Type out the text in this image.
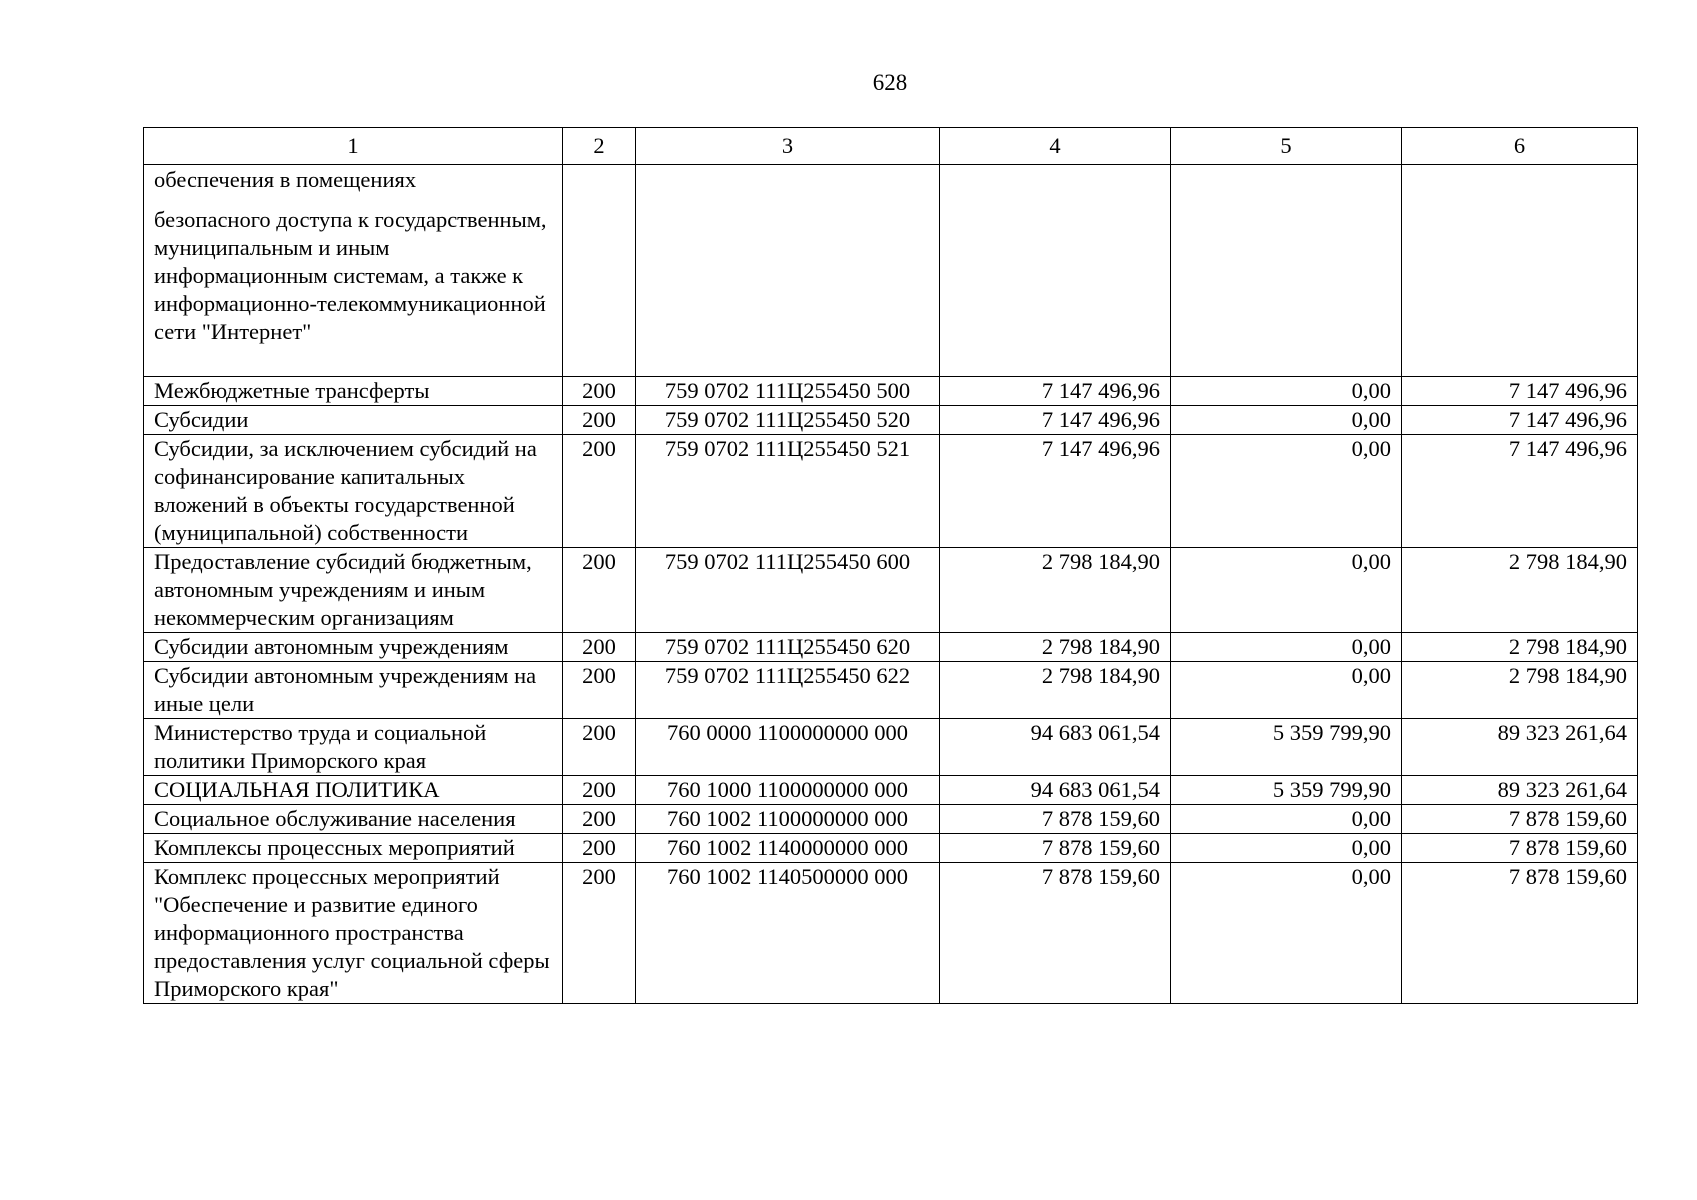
628
1	2	3	4	5	6

обеспечения в помещениях
безопасного доступа к государственным, муниципальным и иным информационным системам, а также к информационно-телекоммуникационной сети "Интернет"					

Межбюджетные трансферты	200	759 0702 111Ц255450 500	7 147 496,96	0,00	7 147 496,96
Субсидии	200	759 0702 111Ц255450 520	7 147 496,96	0,00	7 147 496,96
Субсидии, за исключением субсидий на софинансирование капитальных вложений в объекты государственной (муниципальной) собственности	200	759 0702 111Ц255450 521	7 147 496,96	0,00	7 147 496,96
Предоставление субсидий бюджетным, автономным учреждениям и иным некоммерческим организациям	200	759 0702 111Ц255450 600	2 798 184,90	0,00	2 798 184,90
Субсидии автономным учреждениям	200	759 0702 111Ц255450 620	2 798 184,90	0,00	2 798 184,90
Субсидии автономным учреждениям на иные цели	200	759 0702 111Ц255450 622	2 798 184,90	0,00	2 798 184,90
Министерство труда и социальной политики Приморского края	200	760 0000 1100000000 000	94 683 061,54	5 359 799,90	89 323 261,64
СОЦИАЛЬНАЯ ПОЛИТИКА	200	760 1000 1100000000 000	94 683 061,54	5 359 799,90	89 323 261,64
Социальное обслуживание населения	200	760 1002 1100000000 000	7 878 159,60	0,00	7 878 159,60
Комплексы процессных мероприятий	200	760 1002 1140000000 000	7 878 159,60	0,00	7 878 159,60
Комплекс процессных мероприятий "Обеспечение и развитие единого информационного пространства предоставления услуг социальной сферы Приморского края"	200	760 1002 1140500000 000	7 878 159,60	0,00	7 878 159,60
